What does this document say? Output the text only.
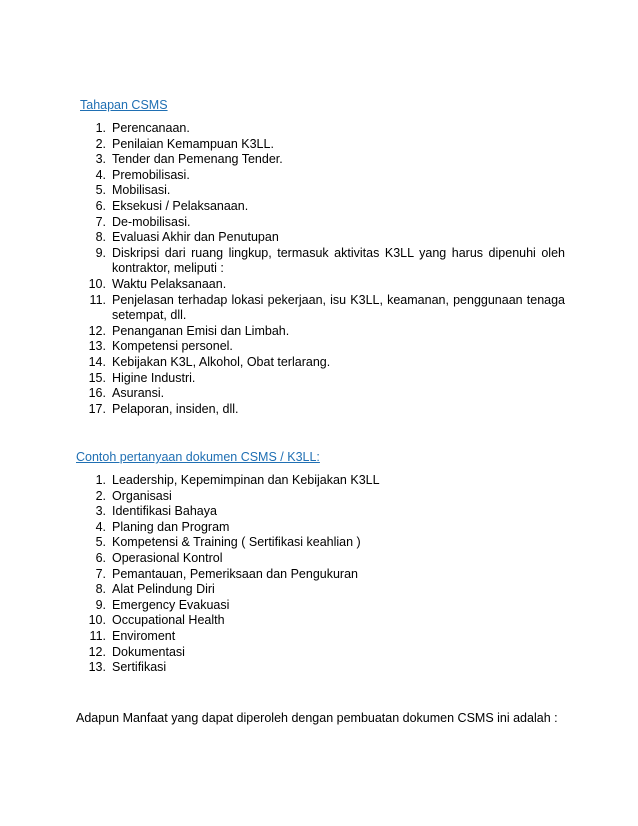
Tahapan CSMS
1. Perencanaan.
2. Penilaian Kemampuan K3LL.
3. Tender dan Pemenang Tender.
4. Premobilisasi.
5. Mobilisasi.
6. Eksekusi / Pelaksanaan.
7. De-mobilisasi.
8. Evaluasi Akhir dan Penutupan
9. Diskripsi dari ruang lingkup, termasuk aktivitas K3LL yang harus dipenuhi oleh
kontraktor, meliputi :
10. Waktu Pelaksanaan.
11. Penjelasan terhadap lokasi pekerjaan, isu K3LL, keamanan, penggunaan tenaga
setempat, dll.
12. Penanganan Emisi dan Limbah.
13. Kompetensi personel.
14. Kebijakan K3L, Alkohol, Obat terlarang.
15. Higine Industri.
16. Asuransi.
17. Pelaporan, insiden, dll.
Contoh pertanyaan dokumen CSMS / K3LL:
1. Leadership, Kepemimpinan dan Kebijakan K3LL
2. Organisasi
3. Identifikasi Bahaya
4. Planing dan Program
5. Kompetensi & Training ( Sertifikasi keahlian )
6. Operasional Kontrol
7. Pemantauan, Pemeriksaan dan Pengukuran
8. Alat Pelindung Diri
9. Emergency Evakuasi
10. Occupational Health
11. Enviroment
12. Dokumentasi
13. Sertifikasi
Adapun Manfaat yang dapat diperoleh dengan pembuatan dokumen CSMS ini adalah :
